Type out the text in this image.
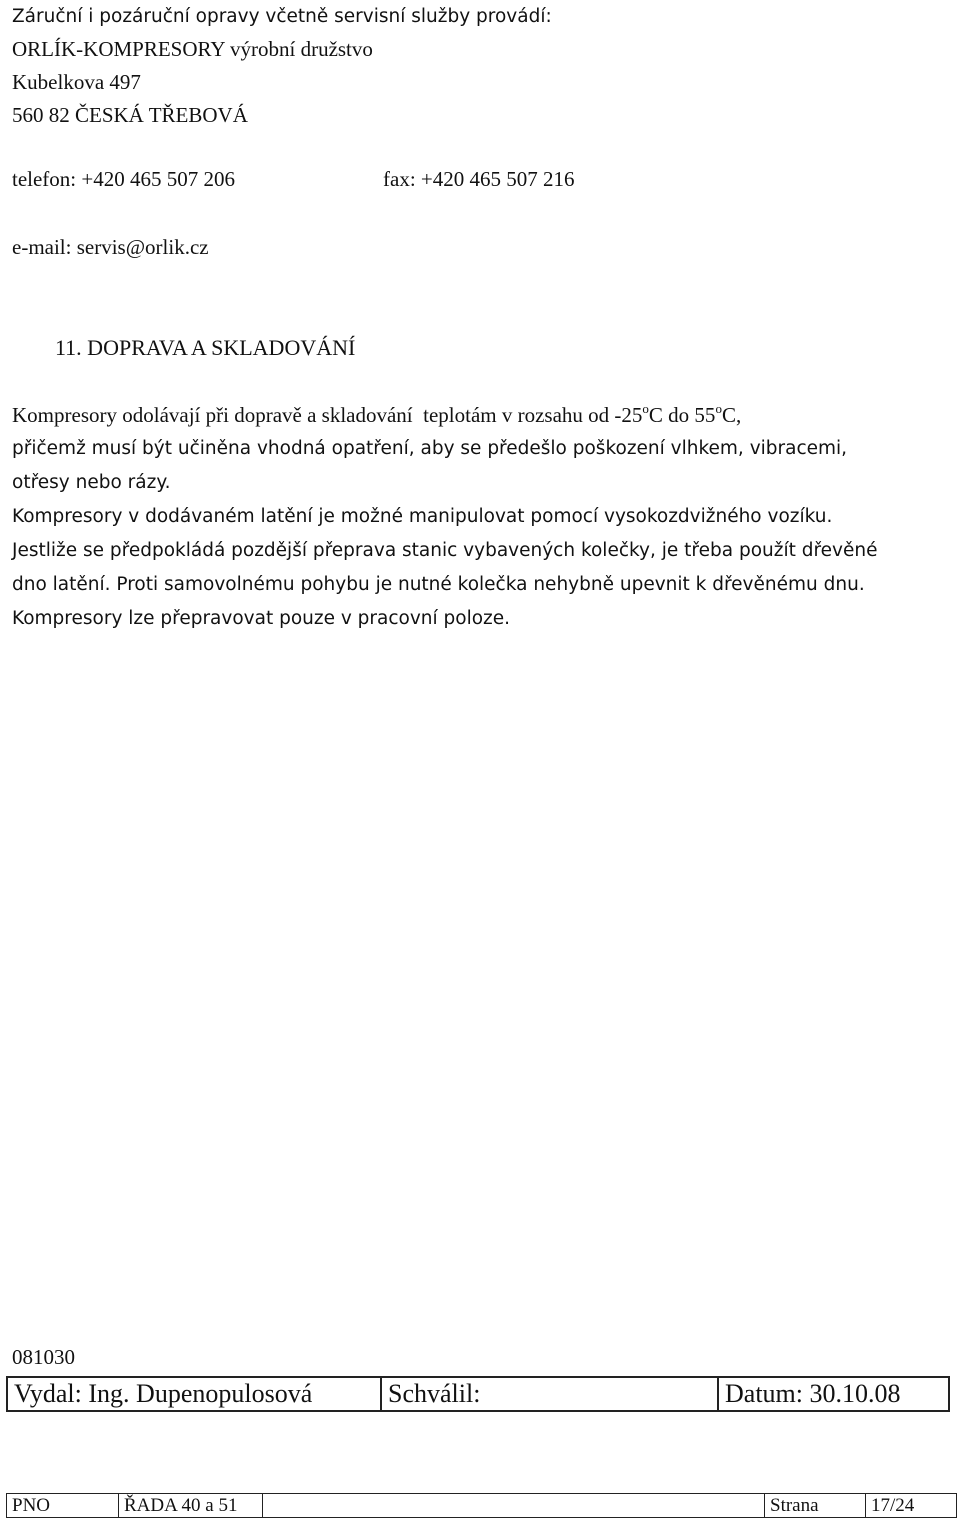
Záruční i pozáruční opravy včetně servisní služby provádí:
ORLÍK-KOMPRESORY výrobní družstvo
Kubelkova 497
560 82 ČESKÁ TŘEBOVÁ
telefon: +420 465 507 206	fax: +420 465 507 216
e-mail: servis@orlik.cz
11. DOPRAVA A SKLADOVÁNÍ
Kompresory odolávají při dopravě a skladování  teplotám v rozsahu od -25$^o$C do 55$^o$C,
přičemž musí být učiněna vhodná opatření, aby se předešlo poškození vlhkem, vibracemi,
otřesy nebo rázy.
Kompresory v dodávaném latění je možné manipulovat pomocí vysokozdvižného vozíku.
Jestliže se předpokládá pozdější přeprava stanic vybavených kolečky, je třeba použít dřevěné
dno latění. Proti samovolnému pohybu je nutné kolečka nehybně upevnit k dřevěnému dnu.
Kompresory lze přepravovat pouze v pracovní poloze.
081030
Vydal: Ing. Dupenopulosová	Schválil:	Datum: 30.10.08
PNO	ŘADA 40 a 51		Strana	17/24
